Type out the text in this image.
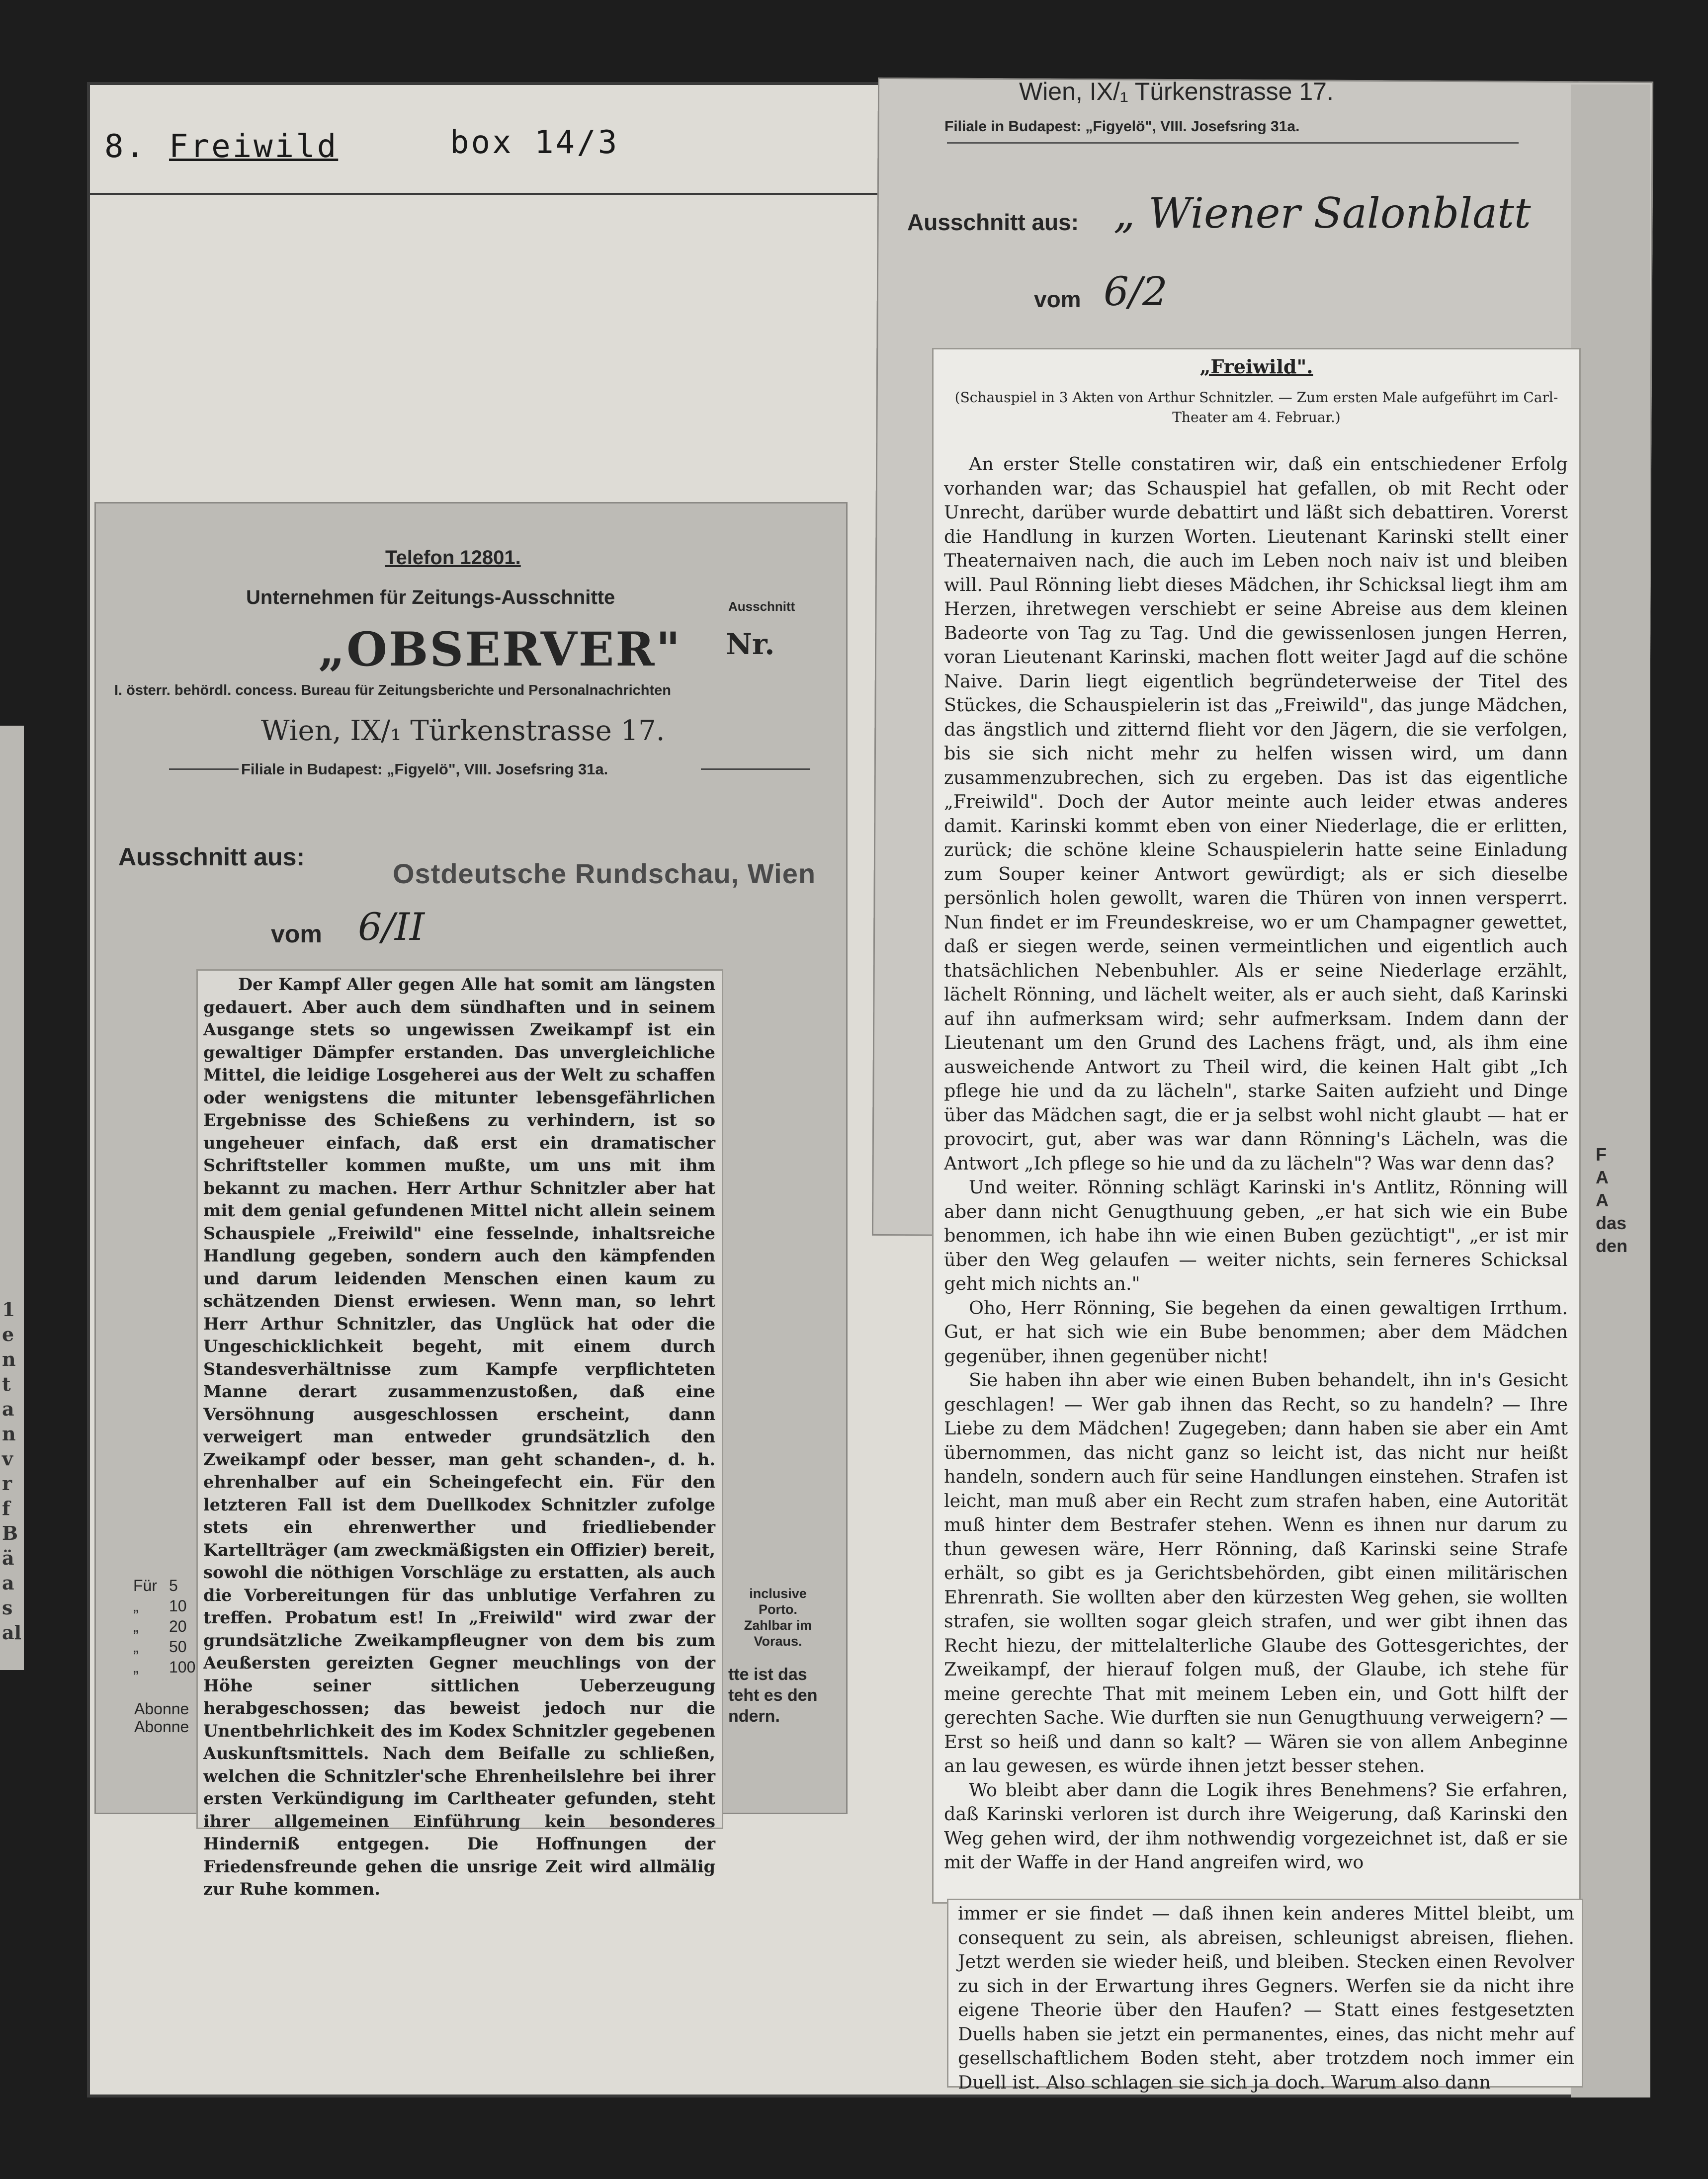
1
e
n
t
a
n
v
r
f
B
ä
a
s
al
8. Freiwild	box 14/3
F
A
A
das
den
Wien, IX/₁ Türkenstrasse 17.
Filiale in Budapest: „Figyelö", VIII. Josefsring 31a.
Ausschnitt aus: „ Wiener Salonblatt
vom 6/2
„Freiwild".
(Schauspiel in 3 Akten von Arthur Schnitzler. — Zum ersten Male aufgeführt im Carl-Theater am 4. Februar.)

An erster Stelle constatiren wir, daß ein entschiedener Erfolg vorhanden war; das Schauspiel hat gefallen, ob mit Recht oder Unrecht, darüber wurde debattirt und läßt sich debattiren. Vorerst die Handlung in kurzen Worten. Lieutenant Karinski stellt einer Theaternaiven nach, die auch im Leben noch naiv ist und bleiben will. Paul Rönning liebt dieses Mädchen, ihr Schicksal liegt ihm am Herzen, ihretwegen verschiebt er seine Abreise aus dem kleinen Badeorte von Tag zu Tag. Und die gewissenlosen jungen Herren, voran Lieutenant Karinski, machen flott weiter Jagd auf die schöne Naive. Darin liegt eigentlich begründeterweise der Titel des Stückes, die Schauspielerin ist das „Freiwild", das junge Mädchen, das ängstlich und zitternd flieht vor den Jägern, die sie verfolgen, bis sie sich nicht mehr zu helfen wissen wird, um dann zusammenzubrechen, sich zu ergeben. Das ist das eigentliche „Freiwild". Doch der Autor meinte auch leider etwas anderes damit. Karinski kommt eben von einer Niederlage, die er erlitten, zurück; die schöne kleine Schauspielerin hatte seine Einladung zum Souper keiner Antwort gewürdigt; als er sich dieselbe persönlich holen gewollt, waren die Thüren von innen versperrt. Nun findet er im Freundeskreise, wo er um Champagner gewettet, daß er siegen werde, seinen vermeintlichen und eigentlich auch thatsächlichen Nebenbuhler. Als er seine Niederlage erzählt, lächelt Rönning, und lächelt weiter, als er auch sieht, daß Karinski auf ihn aufmerksam wird; sehr aufmerksam. Indem dann der Lieutenant um den Grund des Lachens frägt, und, als ihm eine ausweichende Antwort zu Theil wird, die keinen Halt gibt „Ich pflege hie und da zu lächeln", starke Saiten aufzieht und Dinge über das Mädchen sagt, die er ja selbst wohl nicht glaubt — hat er provocirt, gut, aber was war dann Rönning's Lächeln, was die Antwort „Ich pflege so hie und da zu lächeln"? Was war denn das?

Und weiter. Rönning schlägt Karinski in's Antlitz, Rönning will aber dann nicht Genugthuung geben, „er hat sich wie ein Bube benommen, ich habe ihn wie einen Buben gezüchtigt", „er ist mir über den Weg gelaufen — weiter nichts, sein ferneres Schicksal geht mich nichts an."

Oho, Herr Rönning, Sie begehen da einen gewaltigen Irrthum. Gut, er hat sich wie ein Bube benommen; aber dem Mädchen gegenüber, ihnen gegenüber nicht!

Sie haben ihn aber wie einen Buben behandelt, ihn in's Gesicht geschlagen! — Wer gab ihnen das Recht, so zu handeln? — Ihre Liebe zu dem Mädchen! Zugegeben; dann haben sie aber ein Amt übernommen, das nicht ganz so leicht ist, das nicht nur heißt handeln, sondern auch für seine Handlungen einstehen. Strafen ist leicht, man muß aber ein Recht zum strafen haben, eine Autorität muß hinter dem Bestrafer stehen. Wenn es ihnen nur darum zu thun gewesen wäre, Herr Rönning, daß Karinski seine Strafe erhält, so gibt es ja Gerichtsbehörden, gibt einen militärischen Ehrenrath. Sie wollten aber den kürzesten Weg gehen, sie wollten strafen, sie wollten sogar gleich strafen, und wer gibt ihnen das Recht hiezu, der mittelalterliche Glaube des Gottesgerichtes, der Zweikampf, der hierauf folgen muß, der Glaube, ich stehe für meine gerechte That mit meinem Leben ein, und Gott hilft der gerechten Sache. Wie durften sie nun Genugthuung verweigern? — Erst so heiß und dann so kalt? — Wären sie von allem Anbeginne an lau gewesen, es würde ihnen jetzt besser stehen.

Wo bleibt aber dann die Logik ihres Benehmens? Sie erfahren, daß Karinski verloren ist durch ihre Weigerung, daß Karinski den Weg gehen wird, der ihm nothwendig vorgezeichnet ist, daß er sie mit der Waffe in der Hand angreifen wird, wo

immer er sie findet — daß ihnen kein anderes Mittel bleibt, um consequent zu sein, als abreisen, schleunigst abreisen, fliehen. Jetzt werden sie wieder heiß, und bleiben. Stecken einen Revolver zu sich in der Erwartung ihres Gegners. Werfen sie da nicht ihre eigene Theorie über den Haufen? — Statt eines festgesetzten Duells haben sie jetzt ein permanentes, eines, das nicht mehr auf gesellschaftlichem Boden steht, aber trotzdem noch immer ein Duell ist. Also schlagen sie sich ja doch. Warum also dann
Telefon 12801.
Unternehmen für Zeitungs-Ausschnitte	Ausschnitt
„OBSERVER" Nr.
I. österr. behördl. concess. Bureau für Zeitungsberichte und Personalnachrichten
Wien, IX/₁ Türkenstrasse 17.
Filiale in Budapest: „Figyelö", VIII. Josefsring 31a.
Ausschnitt aus:
Ostdeutsche Rundschau, Wien
vom 6/II
Für
„
„
„
„
5
10
20
50
100
Abonne
Abonne
inclusive Porto. Zahlbar im Voraus.
tte ist das
teht es den
ndern.
Der Kampf Aller gegen Alle hat somit am längsten gedauert. Aber auch dem sündhaften und in seinem Ausgange stets so ungewissen Zweikampf ist ein gewaltiger Dämpfer erstanden. Das unvergleichliche Mittel, die leidige Losgeherei aus der Welt zu schaffen oder wenigstens die mitunter lebensgefährlichen Ergebnisse des Schießens zu verhindern, ist so ungeheuer einfach, daß erst ein dramatischer Schriftsteller kommen mußte, um uns mit ihm bekannt zu machen. Herr Arthur Schnitzler aber hat mit dem genial gefundenen Mittel nicht allein seinem Schauspiele „Freiwild" eine fesselnde, inhaltsreiche Handlung gegeben, sondern auch den kämpfenden und darum leidenden Menschen einen kaum zu schätzenden Dienst erwiesen. Wenn man, so lehrt Herr Arthur Schnitzler, das Unglück hat oder die Ungeschicklichkeit begeht, mit einem durch Standesverhältnisse zum Kampfe verpflichteten Manne derart zusammenzustoßen, daß eine Versöhnung ausgeschlossen erscheint, dann verweigert man entweder grundsätzlich den Zweikampf oder besser, man geht schanden-, d. h. ehrenhalber auf ein Scheingefecht ein. Für den letzteren Fall ist dem Duellkodex Schnitzler zufolge stets ein ehrenwerther und friedliebender Kartellträger (am zweckmäßigsten ein Offizier) bereit, sowohl die nöthigen Vorschläge zu erstatten, als auch die Vorbereitungen für das unblutige Verfahren zu treffen. Probatum est! In „Freiwild" wird zwar der grundsätzliche Zweikampfleugner von dem bis zum Aeußersten gereizten Gegner meuchlings von der Höhe seiner sittlichen Ueberzeugung herabgeschossen; das beweist jedoch nur die Unentbehrlichkeit des im Kodex Schnitzler gegebenen Auskunftsmittels. Nach dem Beifalle zu schließen, welchen die Schnitzler'sche Ehrenheilslehre bei ihrer ersten Verkündigung im Carltheater gefunden, steht ihrer allgemeinen Einführung kein besonderes Hinderniß entgegen. Die Hoffnungen der Friedensfreunde gehen die unsrige Zeit wird allmälig zur Ruhe kommen.
